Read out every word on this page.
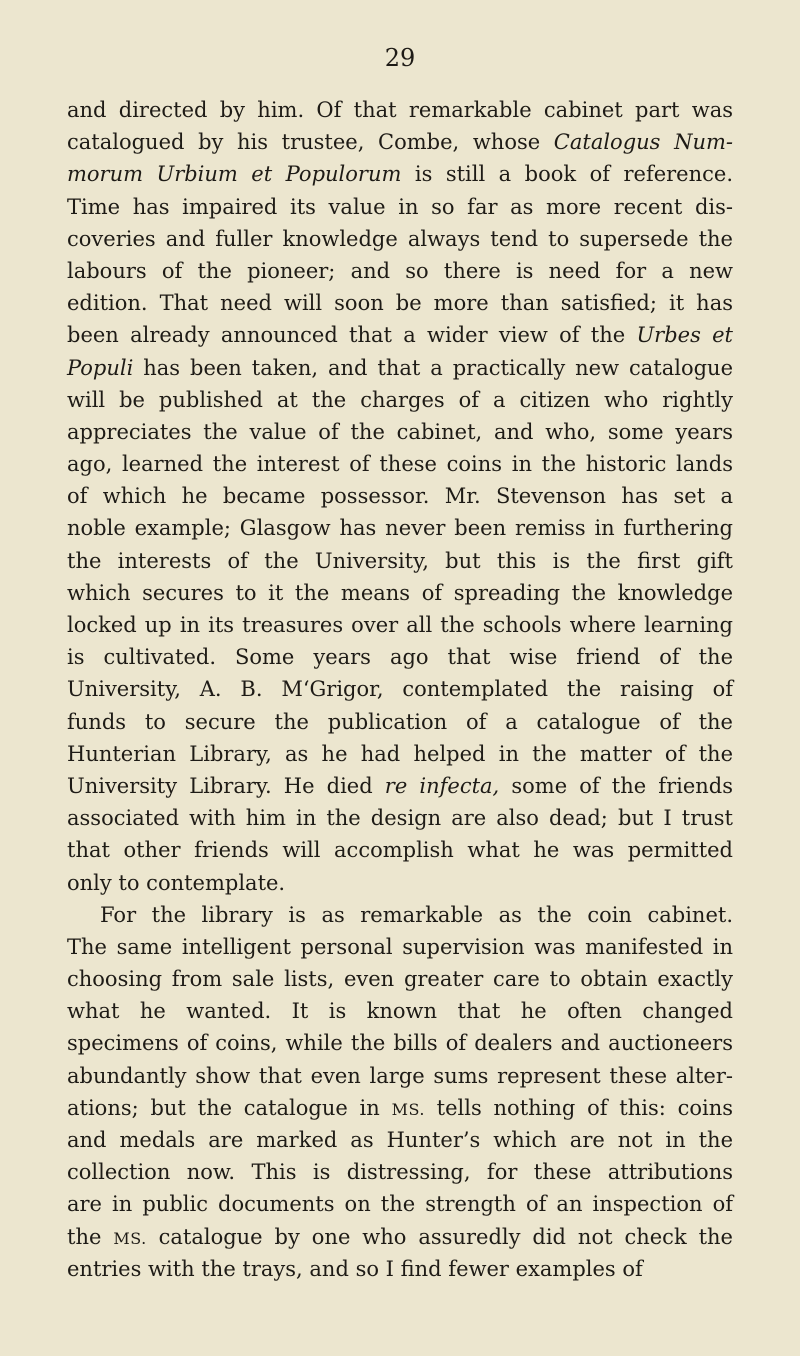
29
and directed by him. Of that remarkable cabinet part was
catalogued by his trustee, Combe, whose Catalogus Num-
morum Urbium et Populorum is still a book of reference.
Time has impaired its value in so far as more recent dis-
coveries and fuller knowledge always tend to supersede the
labours of the pioneer; and so there is need for a new
edition. That need will soon be more than satisfied; it has
been already announced that a wider view of the Urbes et
Populi has been taken, and that a practically new catalogue
will be published at the charges of a citizen who rightly
appreciates the value of the cabinet, and who, some years
ago, learned the interest of these coins in the historic lands
of which he became possessor. Mr. Stevenson has set a
noble example; Glasgow has never been remiss in furthering
the interests of the University, but this is the first gift
which secures to it the means of spreading the knowledge
locked up in its treasures over all the schools where learning
is cultivated. Some years ago that wise friend of the
University, A. B. M‘Grigor, contemplated the raising of
funds to secure the publication of a catalogue of the
Hunterian Library, as he had helped in the matter of the
University Library. He died re infecta, some of the friends
associated with him in the design are also dead; but I trust
that other friends will accomplish what he was permitted
only to contemplate.
For the library is as remarkable as the coin cabinet.
The same intelligent personal supervision was manifested in
choosing from sale lists, even greater care to obtain exactly
what he wanted. It is known that he often changed
specimens of coins, while the bills of dealers and auctioneers
abundantly show that even large sums represent these alter-
ations; but the catalogue in MS. tells nothing of this: coins
and medals are marked as Hunter’s which are not in the
collection now. This is distressing, for these attributions
are in public documents on the strength of an inspection of
the MS. catalogue by one who assuredly did not check the
entries with the trays, and so I find fewer examples of
